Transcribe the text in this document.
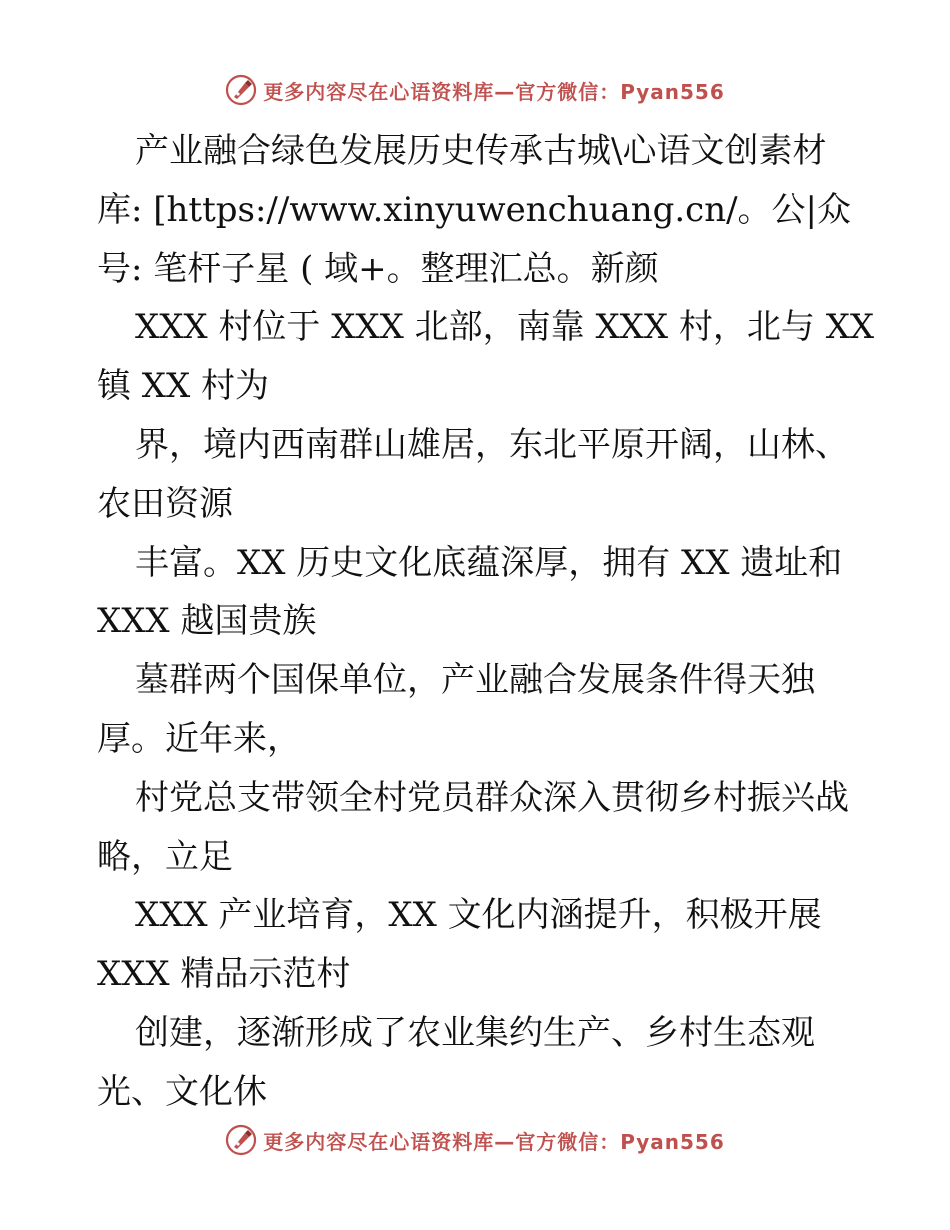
更多内容尽在心语资料库—官方微信：Pyan556
产业融合绿色发展历史传承古城\心语文创素材
库: [https://www.xinyuwenchuang.cn/。公|众
号: 笔杆子星 ( 域+。整理汇总。新颜
XXX 村位于 XXX 北部，南靠 XXX 村，北与 XX
镇 XX 村为
界，境内西南群山雄居，东北平原开阔，山林、
农田资源
丰富。XX 历史文化底蕴深厚，拥有 XX 遗址和
XXX 越国贵族
墓群两个国保单位，产业融合发展条件得天独
厚。近年来，
村党总支带领全村党员群众深入贯彻乡村振兴战
略，立足
XXX 产业培育，XX 文化内涵提升，积极开展
XXX 精品示范村
创建，逐渐形成了农业集约生产、乡村生态观
光、文化休
更多内容尽在心语资料库—官方微信：Pyan556
